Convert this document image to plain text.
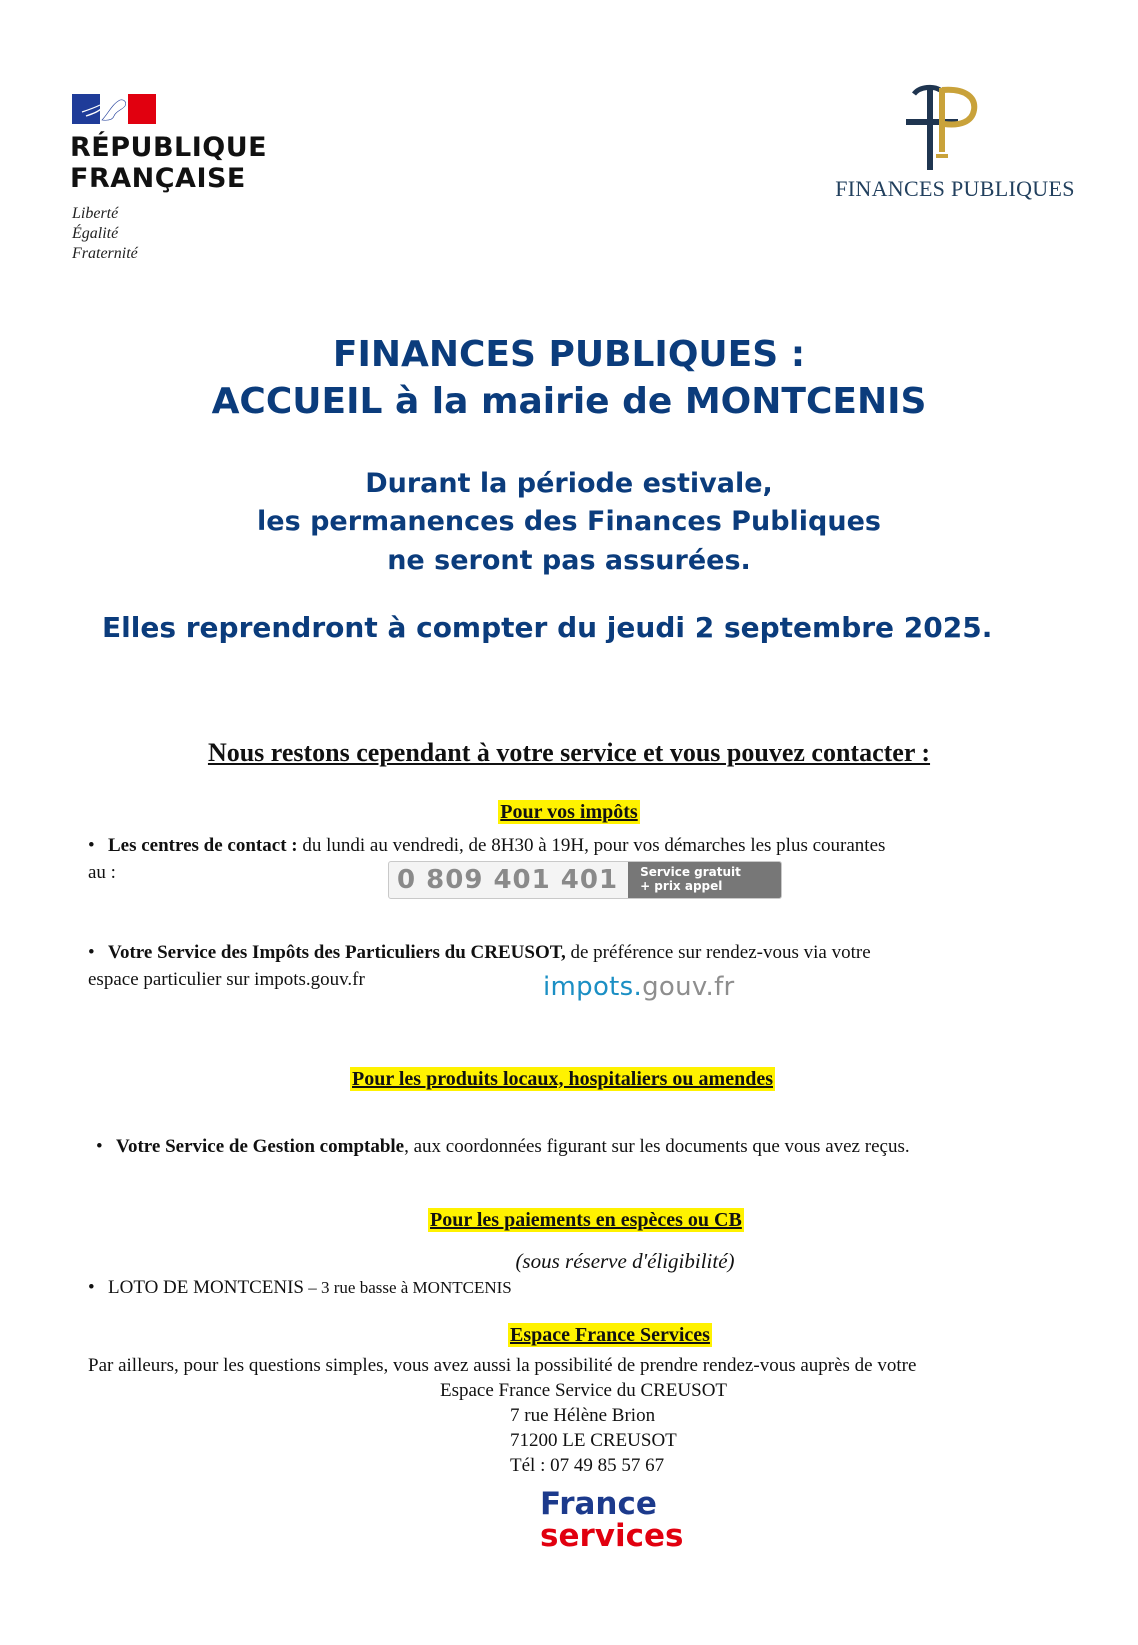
RÉPUBLIQUE
FRANÇAISE
Liberté
Égalité
Fraternité
FINANCES PUBLIQUES
FINANCES PUBLIQUES :
ACCUEIL à la mairie de MONTCENIS
Durant la période estivale,
les permanences des Finances Publiques
ne seront pas assurées.
Elles reprendront à compter du jeudi 2 septembre 2025.
Nous restons cependant à votre service et vous pouvez contacter :
Pour vos impôts
• Les centres de contact : du lundi au vendredi, de 8H30 à 19H, pour vos démarches les plus courantes
au :	0 809 401 401	Service gratuit
+ prix appel
• Votre Service des Impôts des Particuliers du CREUSOT, de préférence sur rendez-vous via votre
espace particulier sur impots.gouv.fr	impots.gouv.fr
Pour les produits locaux, hospitaliers ou amendes
• Votre Service de Gestion comptable, aux coordonnées figurant sur les documents que vous avez reçus.
Pour les paiements en espèces ou CB
(sous réserve d'éligibilité)
• LOTO DE MONTCENIS – 3 rue basse à MONTCENIS
Espace France Services
Par ailleurs, pour les questions simples, vous avez aussi la possibilité de prendre rendez-vous auprès de votre
Espace France Service du CREUSOT
7 rue Hélène Brion
71200 LE CREUSOT
Tél : 07 49 85 57 67
France
services
